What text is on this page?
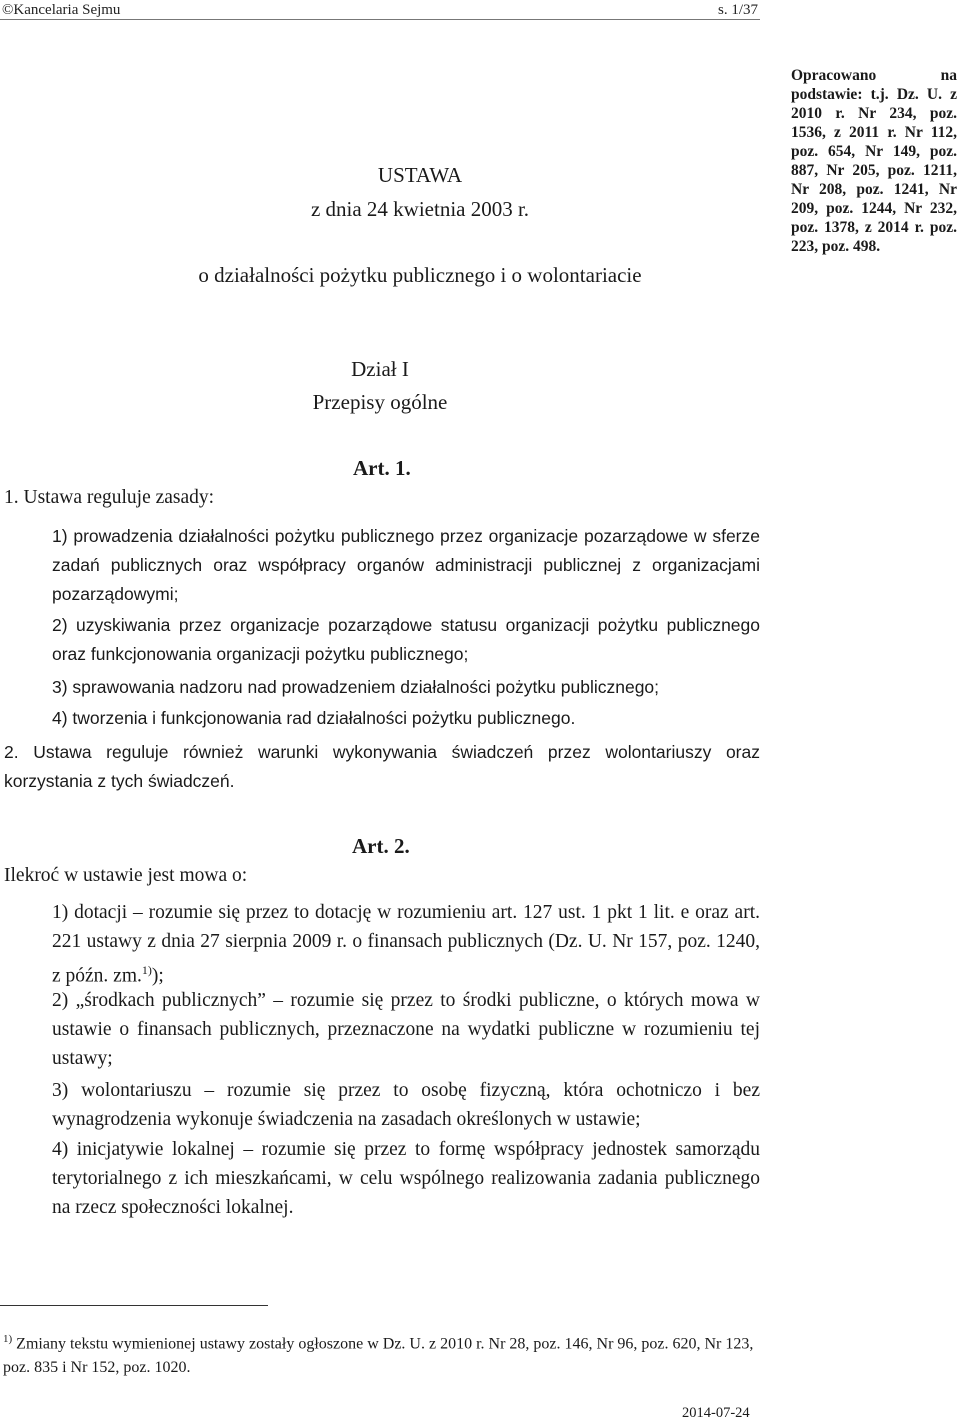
©Kancelaria Sejmu	s. 1/37
USTAWA
z dnia 24 kwietnia 2003 r.
o działalności pożytku publicznego i o wolontariacie
Opracowano na podstawie: t.j. Dz. U. z 2010 r. Nr 234, poz. 1536, z 2011 r. Nr 112, poz. 654, Nr 149, poz. 887, Nr 205, poz. 1211, Nr 208, poz. 1241, Nr 209, poz. 1244, Nr 232, poz. 1378, z 2014 r. poz. 223, poz. 498.
Dział I
Przepisy ogólne
Art. 1.
1. Ustawa reguluje zasady:
1) prowadzenia działalności pożytku publicznego przez organizacje pozarządowe w sferze zadań publicznych oraz współpracy organów administracji publicznej z organizacjami pozarządowymi;
2) uzyskiwania przez organizacje pozarządowe statusu organizacji pożytku publicznego oraz funkcjonowania organizacji pożytku publicznego;
3) sprawowania nadzoru nad prowadzeniem działalności pożytku publicznego;
4) tworzenia i funkcjonowania rad działalności pożytku publicznego.
2. Ustawa reguluje również warunki wykonywania świadczeń przez wolontariuszy oraz korzystania z tych świadczeń.
Art. 2.
Ilekroć w ustawie jest mowa o:
1) dotacji – rozumie się przez to dotację w rozumieniu art. 127 ust. 1 pkt 1 lit. e oraz art. 221 ustawy z dnia 27 sierpnia 2009 r. o finansach publicznych (Dz. U. Nr 157, poz. 1240, z późn. zm.$^{1)}$);
2) „środkach publicznych” – rozumie się przez to środki publiczne, o których mowa w ustawie o finansach publicznych, przeznaczone na wydatki publiczne w rozumieniu tej ustawy;
3) wolontariuszu – rozumie się przez to osobę fizyczną, która ochotniczo i bez wynagrodzenia wykonuje świadczenia na zasadach określonych w ustawie;
4) inicjatywie lokalnej – rozumie się przez to formę współpracy jednostek samorządu terytorialnego z ich mieszkańcami, w celu wspólnego realizowania zadania publicznego na rzecz społeczności lokalnej.
$^{1)}$ Zmiany tekstu wymienionej ustawy zostały ogłoszone w Dz. U. z 2010 r. Nr 28, poz. 146, Nr 96, poz. 620, Nr 123, poz. 835 i Nr 152, poz. 1020.
2014-07-24
